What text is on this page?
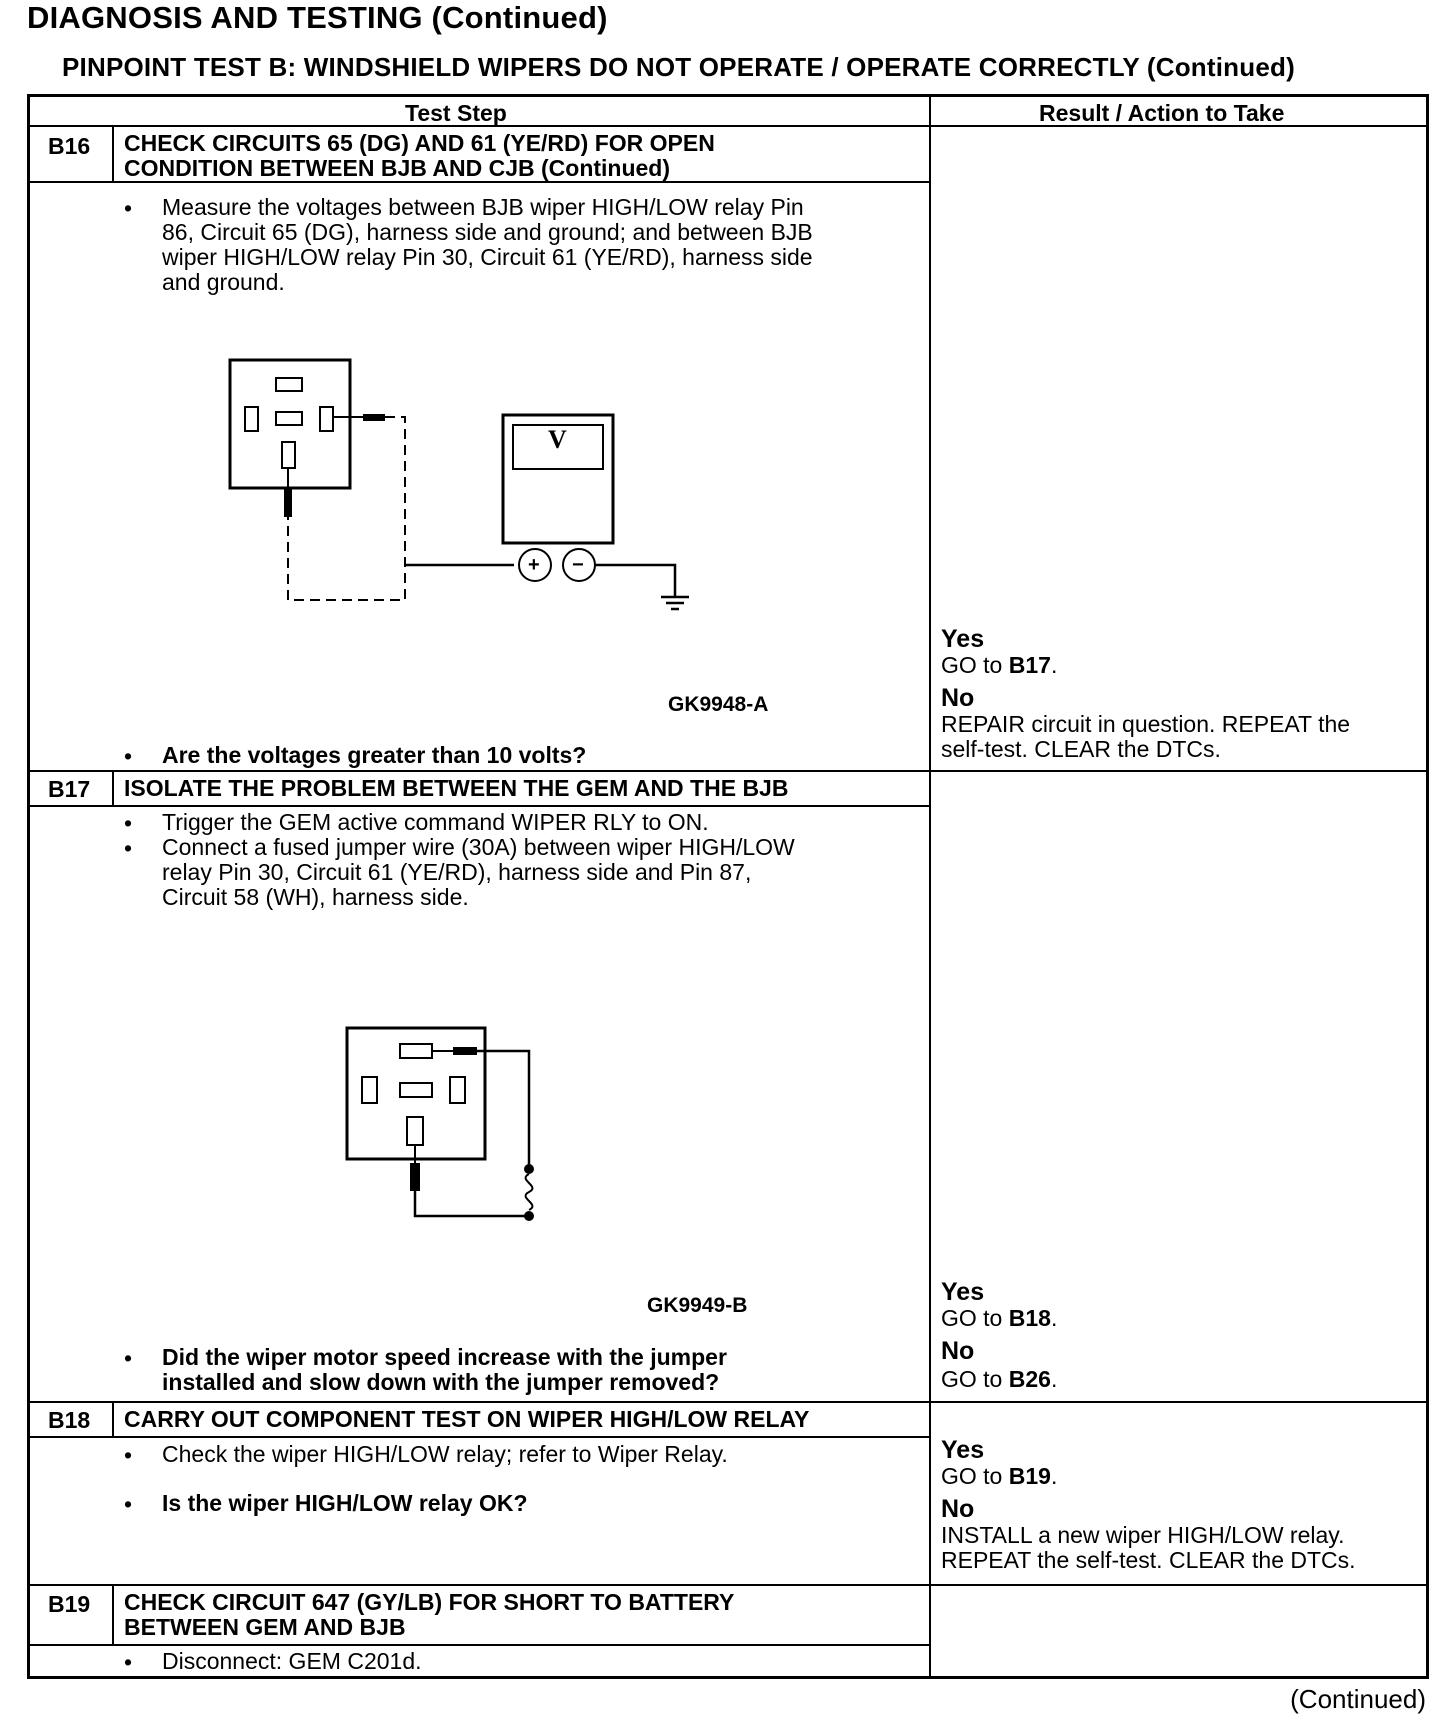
DIAGNOSIS AND TESTING (Continued)
PINPOINT TEST B: WINDSHIELD WIPERS DO NOT OPERATE / OPERATE CORRECTLY (Continued)
Test Step	Result / Action to Take
B16 CHECK CIRCUITS 65 (DG) AND 61 (YE/RD) FOR OPEN
CONDITION BETWEEN BJB AND CJB (Continued)
• Measure the voltages between BJB wiper HIGH/LOW relay Pin
86, Circuit 65 (DG), harness side and ground; and between BJB
wiper HIGH/LOW relay Pin 30, Circuit 61 (YE/RD), harness side
and ground.
V
+ −
GK9948-A
• Are the voltages greater than 10 volts?
Yes
GO to B17.
No
REPAIR circuit in question. REPEAT the
self-test. CLEAR the DTCs.
B17 ISOLATE THE PROBLEM BETWEEN THE GEM AND THE BJB
• Trigger the GEM active command WIPER RLY to ON.
• Connect a fused jumper wire (30A) between wiper HIGH/LOW
relay Pin 30, Circuit 61 (YE/RD), harness side and Pin 87,
Circuit 58 (WH), harness side.
GK9949-B
• Did the wiper motor speed increase with the jumper
installed and slow down with the jumper removed?
Yes
GO to B18.
No
GO to B26.
B18 CARRY OUT COMPONENT TEST ON WIPER HIGH/LOW RELAY
• Check the wiper HIGH/LOW relay; refer to Wiper Relay.
• Is the wiper HIGH/LOW relay OK?
Yes
GO to B19.
No
INSTALL a new wiper HIGH/LOW relay.
REPEAT the self-test. CLEAR the DTCs.
B19 CHECK CIRCUIT 647 (GY/LB) FOR SHORT TO BATTERY
BETWEEN GEM AND BJB
• Disconnect: GEM C201d.
(Continued)
